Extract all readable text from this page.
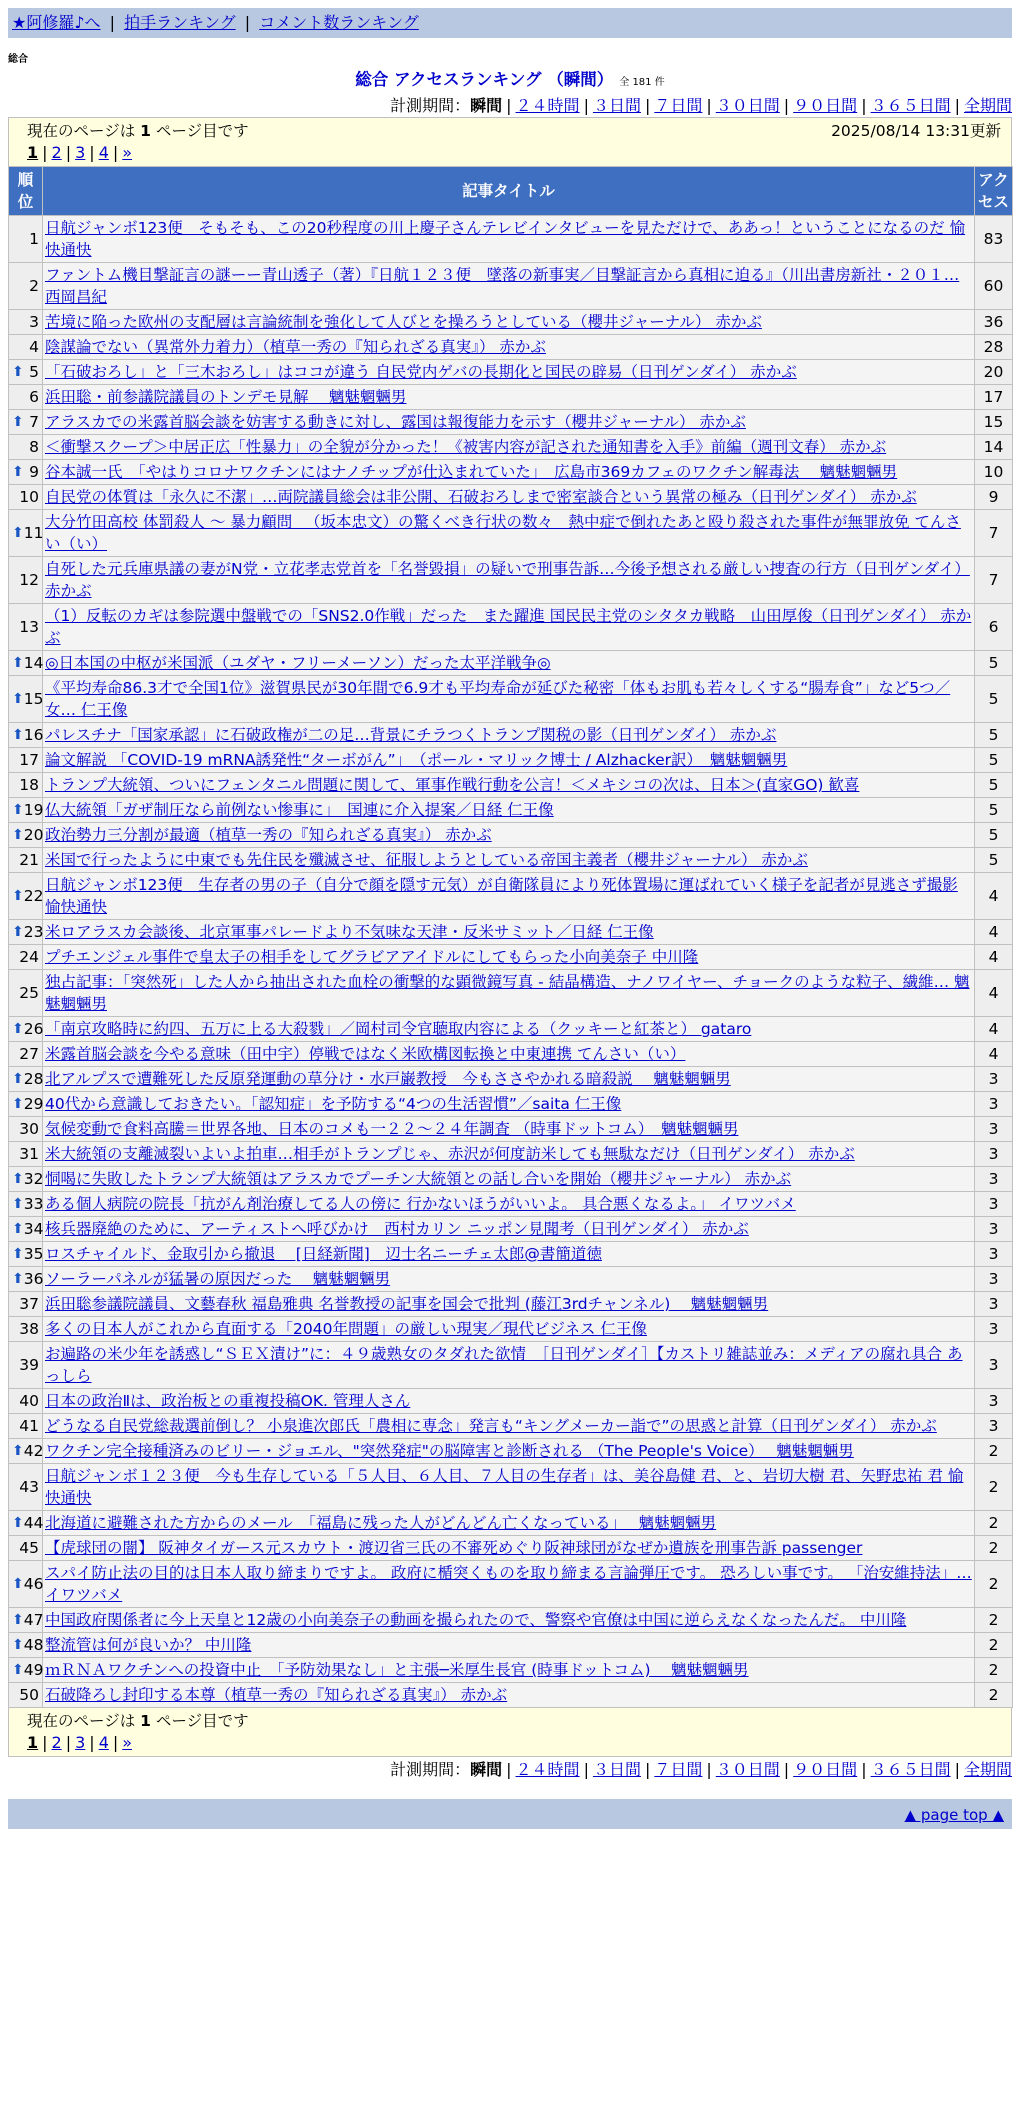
★阿修羅♪へ | 拍手ランキング | コメント数ランキング
総合
総合 アクセスランキング （瞬間） 全 181 件
計測期間：瞬間 | ２４時間 | ３日間 | ７日間 | ３０日間 | ９０日間 | ３６５日間 | 全期間
現在のページは 1 ページ目です	2025/08/14 13:31更新
1 | 2 | 3 | 4 | »
順位	記事タイトル	アクセス
1	日航ジャンボ123便　そもそも、この20秒程度の川上慶子さんテレビインタビューを見ただけで、ああっ！ということになるのだ 愉快通快	83
2	ファントム機目撃証言の謎ーー青山透子（著）『日航１２３便　墜落の新事実／目撃証言から真相に迫る』（川出書房新社・２０１… 西岡昌紀	60
3	苦境に陥った欧州の支配層は言論統制を強化して人びとを操ろうとしている（櫻井ジャーナル） 赤かぶ	36
4	陰謀論でない（異常外力着力）（植草一秀の『知られざる真実』） 赤かぶ	28

⬆ 5	「石破おろし」と「三木おろし」はココが違う 自民党内ゲバの長期化と国民の辟易（日刊ゲンダイ） 赤かぶ	20
6	浜田聡・前参議院議員のトンデモ見解　 魑魅魍魎男	17

⬆ 7	アラスカでの米露首脳会談を妨害する動きに対し、露国は報復能力を示す（櫻井ジャーナル） 赤かぶ	15
8	＜衝撃スクープ＞中居正広「性暴力」の全貌が分かった！《被害内容が記された通知書を入手》前編（週刊文春） 赤かぶ	14

⬆ 9	谷本誠一氏　「やはりコロナワクチンにはナノチップが仕込まれていた」　広島市369カフェのワクチン解毒法　 魑魅魍魎男	10
10	自民党の体質は「永久に不潔」…両院議員総会は非公開、石破おろしまで密室談合という異常の極み（日刊ゲンダイ） 赤かぶ	9

⬆ 11	大分竹田高校 体罰殺人 〜 暴力顧問 　（坂本忠文）の驚くべき行状の数々　熱中症で倒れたあと殴り殺された事件が無罪放免 てんさい（い）	7
12	自死した元兵庫県議の妻がN党・立花孝志党首を「名誉毀損」の疑いで刑事告訴…今後予想される厳しい捜査の行方（日刊ゲンダイ） 赤かぶ	7
13	（1）反転のカギは参院選中盤戦での「SNS2.0作戦」だった　また躍進 国民民主党のシタタカ戦略　山田厚俊（日刊ゲンダイ） 赤かぶ	6

⬆ 14	◎日本国の中枢が米国派（ユダヤ・フリーメーソン）だった太平洋戦争◎	5

⬆ 15	《平均寿命86.3才で全国1位》滋賀県民が30年間で6.9才も平均寿命が延びた秘密「体もお肌も若々しくする“腸寿食”」など5つ／女… 仁王像	5

⬆ 16	パレスチナ「国家承認」に石破政権が二の足…背景にチラつくトランプ関税の影（日刊ゲンダイ） 赤かぶ	5
17	論文解説 「COVID-19 mRNA誘発性“ターボがん”」　（ポール・マリック博士 / Alzhacker訳）　魑魅魍魎男	5
18	トランプ大統領、ついにフェンタニル問題に関して、軍事作戦行動を公言！＜メキシコの次は、日本＞(直家GO) 歓喜	5

⬆ 19	仏大統領「ガザ制圧なら前例ない惨事に」　国連に介入提案／日経 仁王像	5

⬆ 20	政治勢力三分割が最適（植草一秀の『知られざる真実』） 赤かぶ	5
21	米国で行ったように中東でも先住民を殲滅させ、征服しようとしている帝国主義者（櫻井ジャーナル） 赤かぶ	5

⬆ 22	日航ジャンボ123便　生存者の男の子（自分で顔を隠す元気）が自衛隊員により死体置場に運ばれていく様子を記者が見逃さず撮影 愉快通快	4

⬆ 23	米ロアラスカ会談後、北京軍事パレードより不気味な天津・反米サミット／日経 仁王像	4
24	プチエンジェル事件で皇太子の相手をしてグラビアアイドルにしてもらった小向美奈子 中川隆	4
25	独占記事：「突然死」した人から抽出された血栓の衝撃的な顕微鏡写真 - 結晶構造、ナノワイヤー、チョークのような粒子、繊維… 魑魅魍魎男	4

⬆ 26	「南京攻略時に約四、五万に上る大殺戮」／岡村司令官聴取内容による（クッキーと紅茶と） gataro	4
27	米露首脳会談を今やる意味（田中宇）停戦ではなく米欧構図転換と中東連携 てんさい（い）	4

⬆ 28	北アルプスで遭難死した反原発運動の草分け・水戸巌教授　今もささやかれる暗殺説　 魑魅魍魎男	3

⬆ 29	40代から意識しておきたい。「認知症」を予防する“4つの生活習慣”／saita 仁王像	3
30	気候変動で食料高騰＝世界各地、日本のコメも一２２～２４年調査 （時事ドットコム）　魑魅魍魎男	3
31	米大統領の支離滅裂いよいよ拍車…相手がトランプじゃ、赤沢が何度訪米しても無駄なだけ（日刊ゲンダイ） 赤かぶ	3

⬆ 32	恫喝に失敗したトランプ大統領はアラスカでプーチン大統領との話し合いを開始（櫻井ジャーナル） 赤かぶ	3

⬆ 33	ある個人病院の院長「抗がん剤治療してる人の傍に 行かないほうがいいよ。 具合悪くなるよ。」 イワツバメ	3

⬆ 34	核兵器廃絶のために、アーティストへ呼びかけ　西村カリン ニッポン見聞考（日刊ゲンダイ） 赤かぶ	3

⬆ 35	ロスチャイルド、金取引から撤退 　[日経新聞]　辺士名ニーチェ太郎@書簡道徳	3

⬆ 36	ソーラーパネルが猛暑の原因だった　 魑魅魍魎男	3
37	浜田聡参議院議員、文藝春秋 福島雅典 名誉教授の記事を国会で批判 (藤江3rdチャンネル)　 魑魅魍魎男	3
38	多くの日本人がこれから直面する「2040年問題」の厳しい現実／現代ビジネス 仁王像	3
39	お遍路の米少年を誘惑し“ＳＥＸ漬け”に：４９歳熟女のタダれた欲情　［日刊ゲンダイ］【カストリ雑誌並み：メディアの腐れ具合 あっしら	3
40	日本の政治Ⅱは、政治板との重複投稿OK. 管理人さん	3
41	どうなる自民党総裁選前倒し？ 小泉進次郎氏「農相に専念」発言も“キングメーカー詣で”の思惑と計算（日刊ゲンダイ） 赤かぶ	3

⬆ 42	ワクチン完全接種済みのビリー・ジョエル、"突然発症"の脳障害と診断される （The People's Voice）　 魑魅魍魎男	2
43	日航ジャンボ１２３便　今も生存している「５人目、６人目、７人目の生存者」は、美谷島健 君、と、岩切大樹 君、矢野忠祐 君 愉快通快	2

⬆ 44	北海道に避難された方からのメール　「福島に残った人がどんどん亡くなっている」　 魑魅魍魎男	2
45	【虎球団の闇】 阪神タイガース元スカウト・渡辺省三氏の不審死めぐり阪神球団がなぜか遺族を刑事告訴 passenger	2

⬆ 46	スパイ防止法の目的は日本人取り締まりですよ。 政府に楯突くものを取り締まる言論弾圧です。 恐ろしい事です。 「治安維持法」… イワツバメ	2

⬆ 47	中国政府関係者に今上天皇と12歳の小向美奈子の動画を撮られたので、警察や官僚は中国に逆らえなくなったんだ。 中川隆	2

⬆ 48	整流管は何が良いか？ 中川隆	2

⬆ 49	ｍＲＮＡワクチンへの投資中止　「予防効果なし」と主張─米厚生長官 (時事ドットコム)　 魑魅魍魎男	2
50	石破降ろし封印する本尊（植草一秀の『知られざる真実』） 赤かぶ	2
現在のページは 1 ページ目です
1 | 2 | 3 | 4 | »
計測期間：瞬間 | ２４時間 | ３日間 | ７日間 | ３０日間 | ９０日間 | ３６５日間 | 全期間
▲ page top ▲
